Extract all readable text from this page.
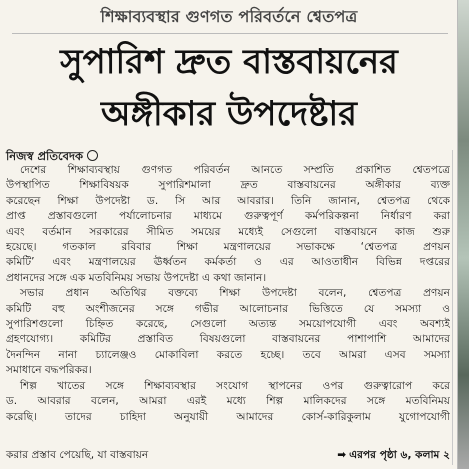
শিক্ষাব্যবস্থার গুণগত পরিবর্তনে শ্বেতপত্র
সুপারিশ দ্রুত বাস্তবায়নের
অঙ্গীকার উপদেষ্টার
নিজস্ব প্রতিবেদক
দেশের শিক্ষাব্যবস্থায় গুণগত পরিবর্তন আনতে সম্প্রতি প্রকাশিত শ্বেতপত্রে
উপস্থাপিত শিক্ষাবিষয়ক সুপারিশমালা দ্রুত বাস্তবায়নের অঙ্গীকার ব্যক্ত
করেছেন শিক্ষা উপদেষ্টা ড. সি আর আবরার। তিনি জানান, শ্বেতপত্র থেকে
প্রাপ্ত প্রস্তাবগুলো পর্যালোচনার মাধ্যমে গুরুত্বপূর্ণ কর্মপরিকল্পনা নির্ধারণ করা
এবং বর্তমান সরকারের সীমিত সময়ের মধ্যেই সেগুলো বাস্তবায়নে কাজ শুরু
হয়েছে। গতকাল রবিবার শিক্ষা মন্ত্রণালয়ের সভাকক্ষে ‘শ্বেতপত্র প্রণয়ন
কমিটি’ এবং মন্ত্রণালয়ের ঊর্ধ্বতন কর্মকর্তা ও এর আওতাধীন বিভিন্ন দপ্তরের
প্রধানদের সঙ্গে এক মতবিনিময় সভায় উপদেষ্টা এ কথা জানান।
সভার প্রধান অতিথির বক্তব্যে শিক্ষা উপদেষ্টা বলেন, শ্বেতপত্র প্রণয়ন
কমিটি বহু অংশীজনের সঙ্গে গভীর আলোচনার ভিত্তিতে যে সমস্যা ও
সুপারিশগুলো চিহ্নিত করেছে, সেগুলো অত্যন্ত সময়োপযোগী এবং অবশ্যই
গ্রহণযোগ্য। কমিটির প্রস্তাবিত বিষয়গুলো বাস্তবায়নের পাশাপাশি আমাদের
দৈনন্দিন নানা চ্যালেঞ্জও মোকাবিলা করতে হচ্ছে। তবে আমরা এসব সমস্যা
সমাধানে বদ্ধপরিকর।
শিল্প খাতের সঙ্গে শিক্ষাব্যবস্থার সংযোগ স্থাপনের ওপর গুরুত্বারোপ করে
ড. আবরার বলেন, আমরা এরই মধ্যে শিল্প মালিকদের সঙ্গে মতবিনিময়
করেছি। তাদের চাহিদা অনুযায়ী আমাদের কোর্স-কারিকুলাম যুগোপযোগী
করার প্রস্তাব পেয়েছি, যা বাস্তবায়ন	➡ এরপর পৃষ্ঠা ৬, কলাম ২
